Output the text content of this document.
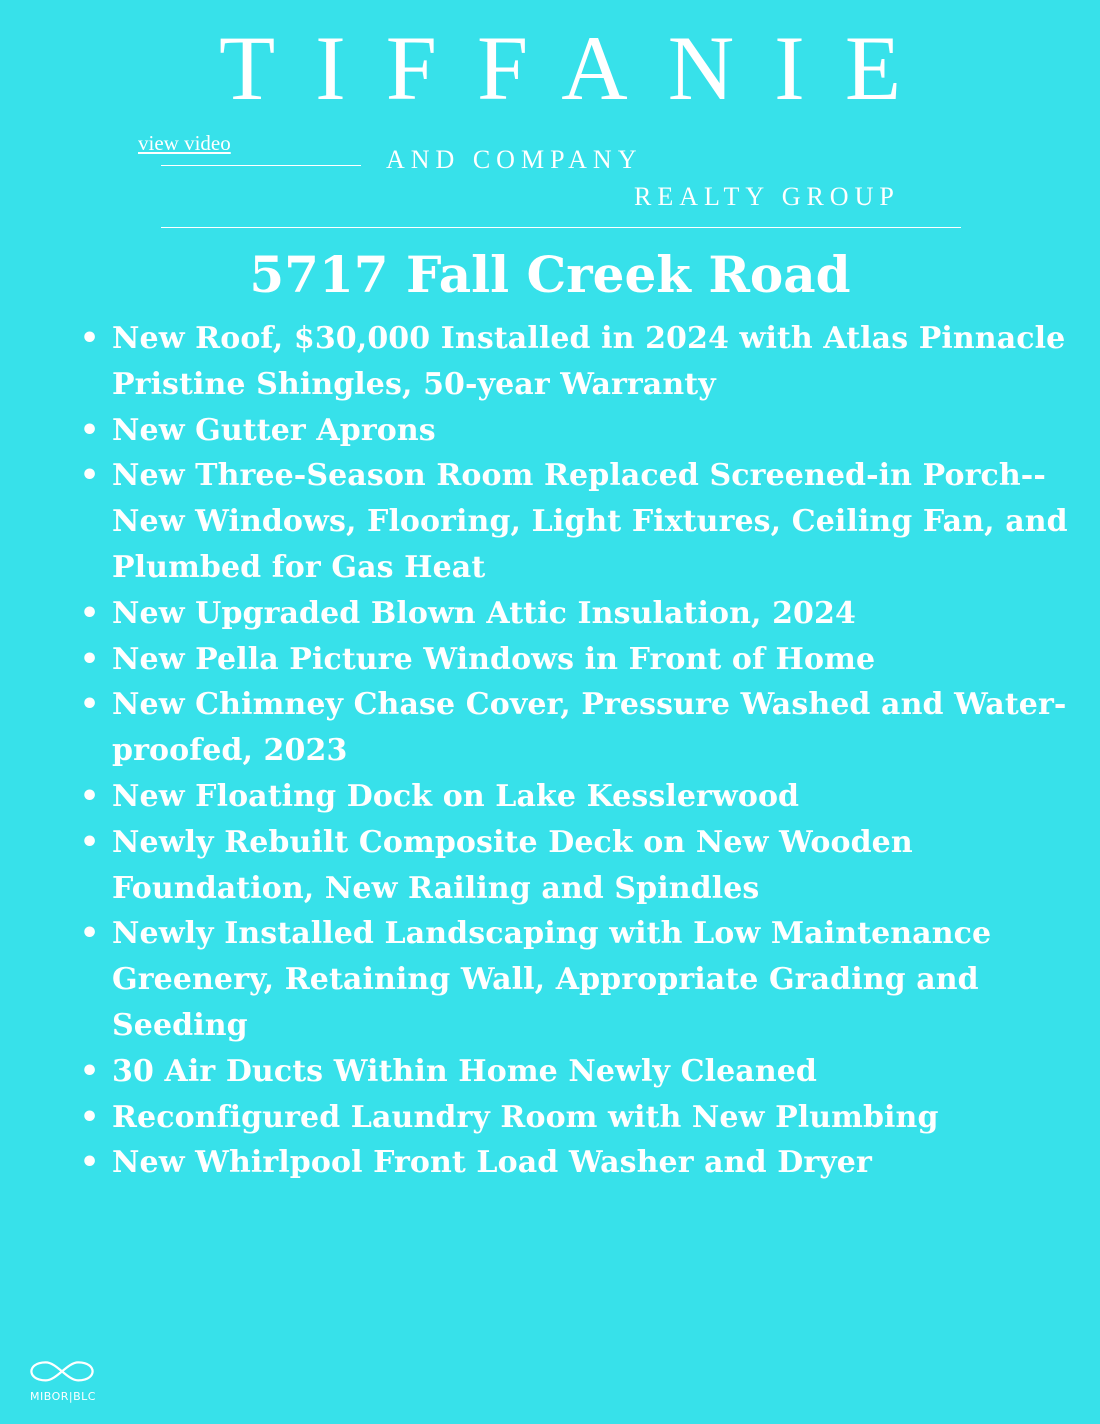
TIFFANIE
view video
AND COMPANY
REALTY GROUP
5717 Fall Creek Road
• New Roof, $30,000 Installed in 2024 with Atlas Pinnacle Pristine Shingles, 50-year Warranty
• New Gutter Aprons
• New Three-Season Room Replaced Screened-in Porch--New Windows, Flooring, Light Fixtures, Ceiling Fan, and Plumbed for Gas Heat
• New Upgraded Blown Attic Insulation, 2024
• New Pella Picture Windows in Front of Home
• New Chimney Chase Cover, Pressure Washed and Water-proofed, 2023
• New Floating Dock on Lake Kesslerwood
• Newly Rebuilt Composite Deck on New Wooden Foundation, New Railing and Spindles
• Newly Installed Landscaping with Low Maintenance Greenery, Retaining Wall, Appropriate Grading and Seeding
• 30 Air Ducts Within Home Newly Cleaned
• Reconfigured Laundry Room with New Plumbing
• New Whirlpool Front Load Washer and Dryer
MIBOR|BLC
